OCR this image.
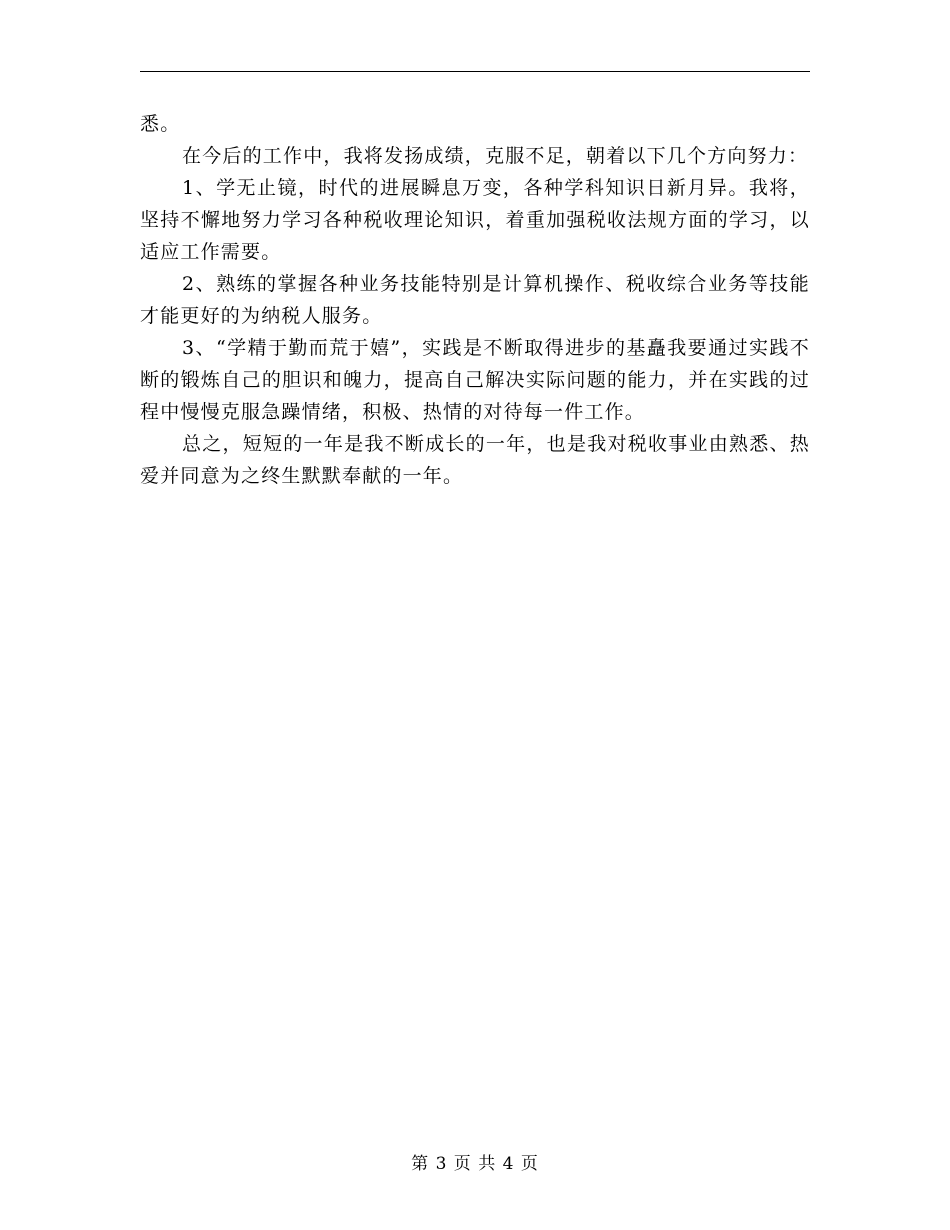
悉。

在今后的工作中，我将发扬成绩，克服不足，朝着以下几个方向努力：

1、学无止镜，时代的进展瞬息万变，各种学科知识日新月异。我将，坚持不懈地努力学习各种税收理论知识，着重加强税收法规方面的学习，以适应工作需要。

2、熟练的掌握各种业务技能特别是计算机操作、税收综合业务等技能才能更好的为纳税人服务。

3、“学精于勤而荒于嬉”，实践是不断取得进步的基矗我要通过实践不断的锻炼自己的胆识和魄力，提高自己解决实际问题的能力，并在实践的过程中慢慢克服急躁情绪，积极、热情的对待每一件工作。

总之，短短的一年是我不断成长的一年，也是我对税收事业由熟悉、热爱并同意为之终生默默奉献的一年。

第 3 页 共 4 页
